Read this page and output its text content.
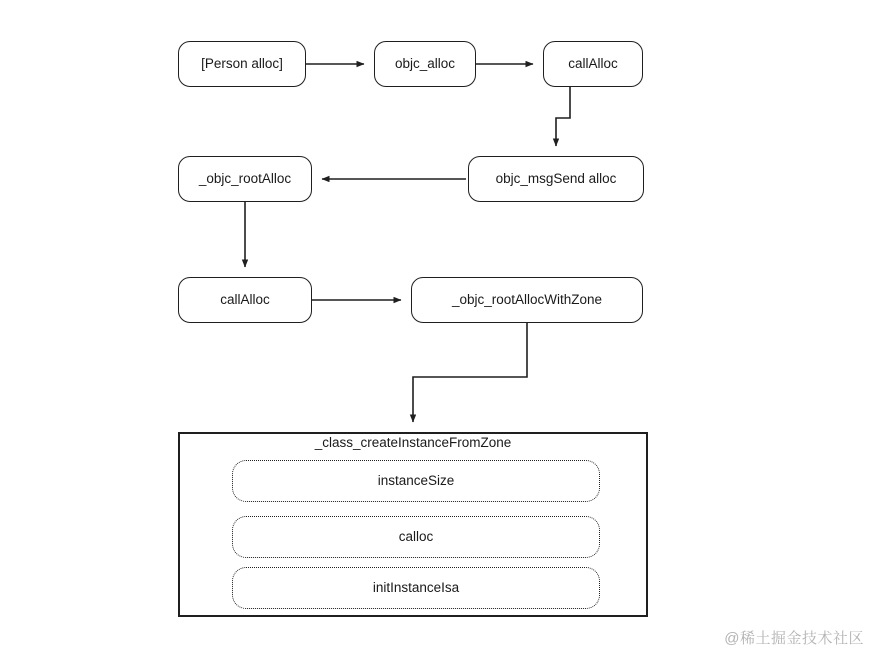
_class_createInstanceFromZone
[Person alloc]	objc_alloc	callAlloc
objc_msgSend alloc
_objc_rootAlloc
callAlloc	_objc_rootAllocWithZone
instanceSize
calloc
initInstanceIsa
@稀土掘金技术社区
